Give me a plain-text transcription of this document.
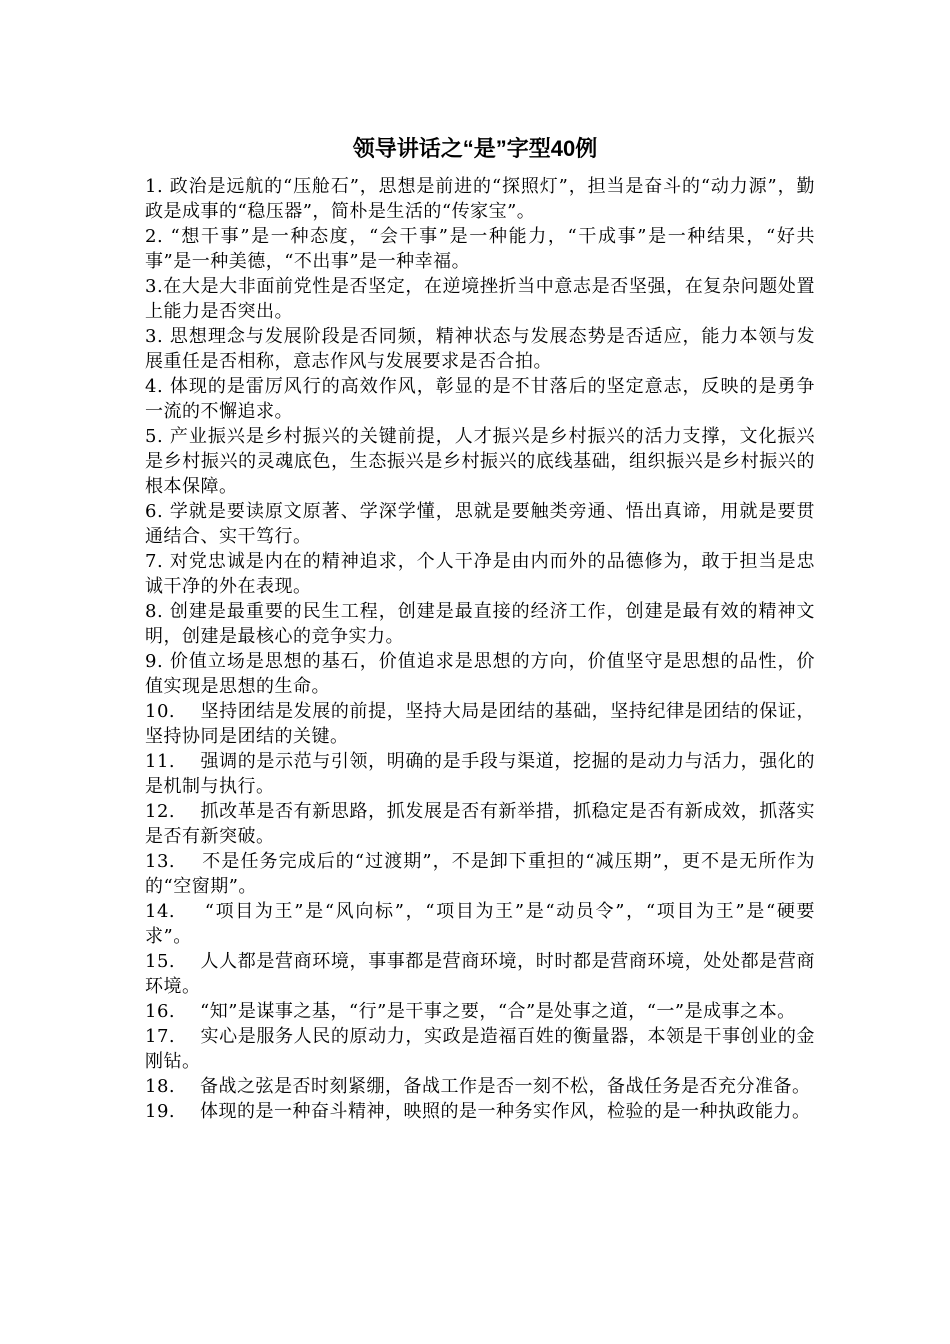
领导讲话之“是”字型40例

1. 政治是远航的“压舱石”，思想是前进的“探照灯”，担当是奋斗的“动力源”，勤政是成事的“稳压器”，简朴是生活的“传家宝”。

2. “想干事”是一种态度，“会干事”是一种能力，“干成事”是一种结果，“好共事”是一种美德，“不出事”是一种幸福。

3.在大是大非面前党性是否坚定，在逆境挫折当中意志是否坚强，在复杂问题处置上能力是否突出。

3. 思想理念与发展阶段是否同频，精神状态与发展态势是否适应，能力本领与发展重任是否相称，意志作风与发展要求是否合拍。

4. 体现的是雷厉风行的高效作风，彰显的是不甘落后的坚定意志，反映的是勇争一流的不懈追求。

5. 产业振兴是乡村振兴的关键前提，人才振兴是乡村振兴的活力支撑，文化振兴是乡村振兴的灵魂底色，生态振兴是乡村振兴的底线基础，组织振兴是乡村振兴的根本保障。

6. 学就是要读原文原著、学深学懂，思就是要触类旁通、悟出真谛，用就是要贯通结合、实干笃行。

7. 对党忠诚是内在的精神追求，个人干净是由内而外的品德修为，敢于担当是忠诚干净的外在表现。

8. 创建是最重要的民生工程，创建是最直接的经济工作，创建是最有效的精神文明，创建是最核心的竞争实力。

9. 价值立场是思想的基石，价值追求是思想的方向，价值坚守是思想的品性，价值实现是思想的生命。

10.    坚持团结是发展的前提，坚持大局是团结的基础，坚持纪律是团结的保证，坚持协同是团结的关键。

11.    强调的是示范与引领，明确的是手段与渠道，挖掘的是动力与活力，强化的是机制与执行。

12.    抓改革是否有新思路，抓发展是否有新举措，抓稳定是否有新成效，抓落实是否有新突破。

13.    不是任务完成后的“过渡期”，不是卸下重担的“减压期”，更不是无所作为的“空窗期”。

14.    “项目为王”是“风向标”，“项目为王”是“动员令”，“项目为王”是“硬要求”。

15.    人人都是营商环境，事事都是营商环境，时时都是营商环境，处处都是营商环境。

16.    “知”是谋事之基，“行”是干事之要，“合”是处事之道，“一”是成事之本。

17.    实心是服务人民的原动力，实政是造福百姓的衡量器，本领是干事创业的金刚钻。

18.    备战之弦是否时刻紧绷，备战工作是否一刻不松，备战任务是否充分准备。

19.    体现的是一种奋斗精神，映照的是一种务实作风，检验的是一种执政能力。
